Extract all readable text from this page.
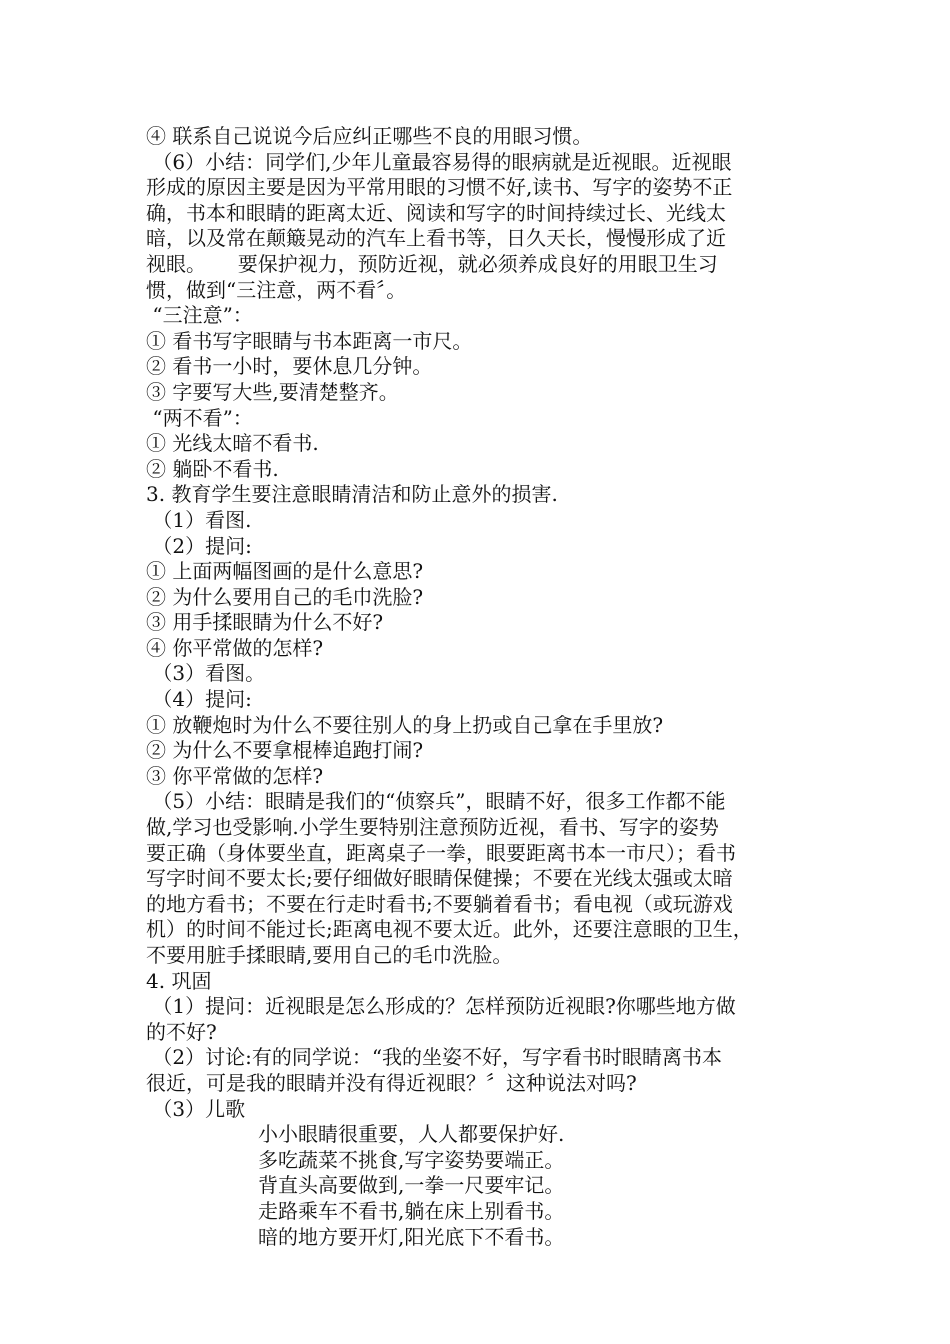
④ 联系自己说说今后应纠正哪些不良的用眼习惯。
（6）小结：同学们,少年儿童最容易得的眼病就是近视眼。近视眼
形成的原因主要是因为平常用眼的习惯不好,读书、写字的姿势不正
确，书本和眼睛的距离太近、阅读和写字的时间持续过长、光线太
暗，以及常在颠簸晃动的汽车上看书等，日久天长，慢慢形成了近
视眼。     要保护视力，预防近视，就必须养成良好的用眼卫生习
惯，做到“三注意，两不看〞。
“三注意”：
① 看书写字眼睛与书本距离一市尺。
② 看书一小时，要休息几分钟。
③ 字要写大些,要清楚整齐。
“两不看”：
① 光线太暗不看书.
② 躺卧不看书.
3. 教育学生要注意眼睛清洁和防止意外的损害.
（1）看图.
（2）提问:
① 上面两幅图画的是什么意思?
② 为什么要用自己的毛巾洗脸?
③ 用手揉眼睛为什么不好?
④ 你平常做的怎样?
（3）看图。
（4）提问:
① 放鞭炮时为什么不要往别人的身上扔或自己拿在手里放?
② 为什么不要拿棍棒追跑打闹?
③ 你平常做的怎样?
（5）小结：眼睛是我们的“侦察兵”，眼睛不好，很多工作都不能
做,学习也受影响.小学生要特别注意预防近视，看书、写字的姿势
要正确（身体要坐直，距离桌子一拳，眼要距离书本一市尺）；看书
写字时间不要太长;要仔细做好眼睛保健操；不要在光线太强或太暗
的地方看书；不要在行走时看书;不要躺着看书；看电视（或玩游戏
机）的时间不能过长;距离电视不要太近。此外，还要注意眼的卫生，
不要用脏手揉眼睛,要用自己的毛巾洗脸。
4. 巩固
（1）提问：近视眼是怎么形成的？怎样预防近视眼?你哪些地方做
的不好?
（2）讨论:有的同学说：“我的坐姿不好，写字看书时眼睛离书本
很近，可是我的眼睛并没有得近视眼？〞这种说法对吗?
（3）儿歌
小小眼睛很重要，人人都要保护好.
多吃蔬菜不挑食,写字姿势要端正。
背直头高要做到,一拳一尺要牢记。
走路乘车不看书,躺在床上别看书。
暗的地方要开灯,阳光底下不看书。
